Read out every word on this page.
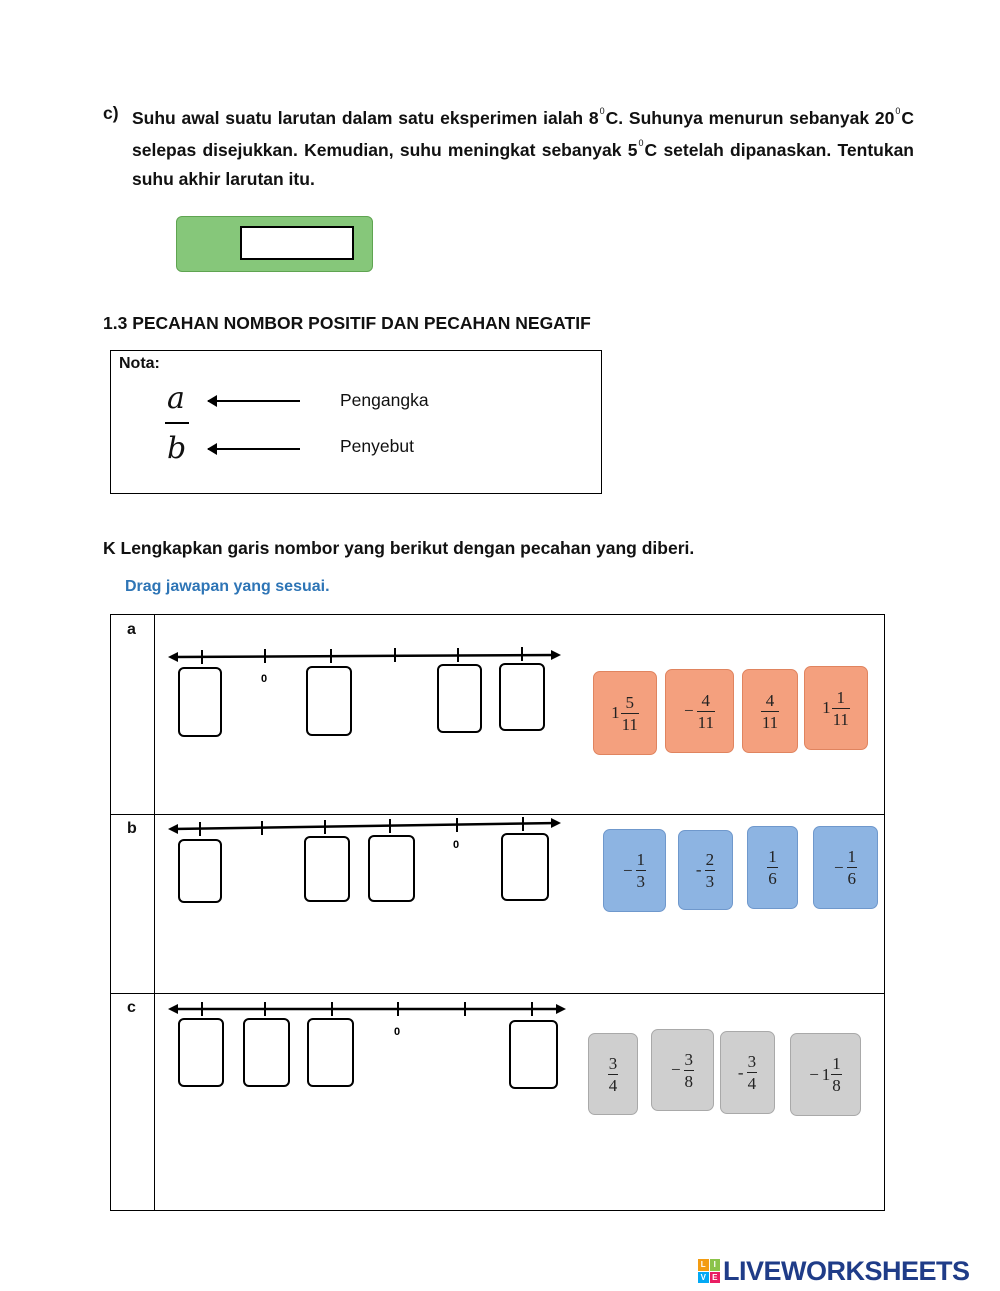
c) Suhu awal suatu larutan dalam satu eksperimen ialah $8^0C$. Suhunya menurun sebanyak $20^0C$ selepas disejukkan. Kemudian, suhu meningkat sebanyak $5^0C$ setelah dipanaskan. Tentukan suhu akhir larutan itu.
1.3 PECAHAN NOMBOR POSITIF DAN PECAHAN NEGATIF
Nota:
a
b
Pengangka
Penyebut
K Lengkapkan garis nombor yang berikut dengan pecahan yang diberi.
Drag jawapan yang sesuai.
a
0
b
0
c
0
$1 \frac{5}{11}$	− $\frac{4}{11}$	$\frac{4}{11}$	$1 \frac{1}{11}$
− $\frac{1}{3}$	- $\frac{2}{3}$	$\frac{1}{6}$	− $\frac{1}{6}$
$\frac{3}{4}$	− $\frac{3}{8}$	- $\frac{3}{4}$	− $1 \frac{1}{8}$
L I
V E LIVEWORKSHEETS
